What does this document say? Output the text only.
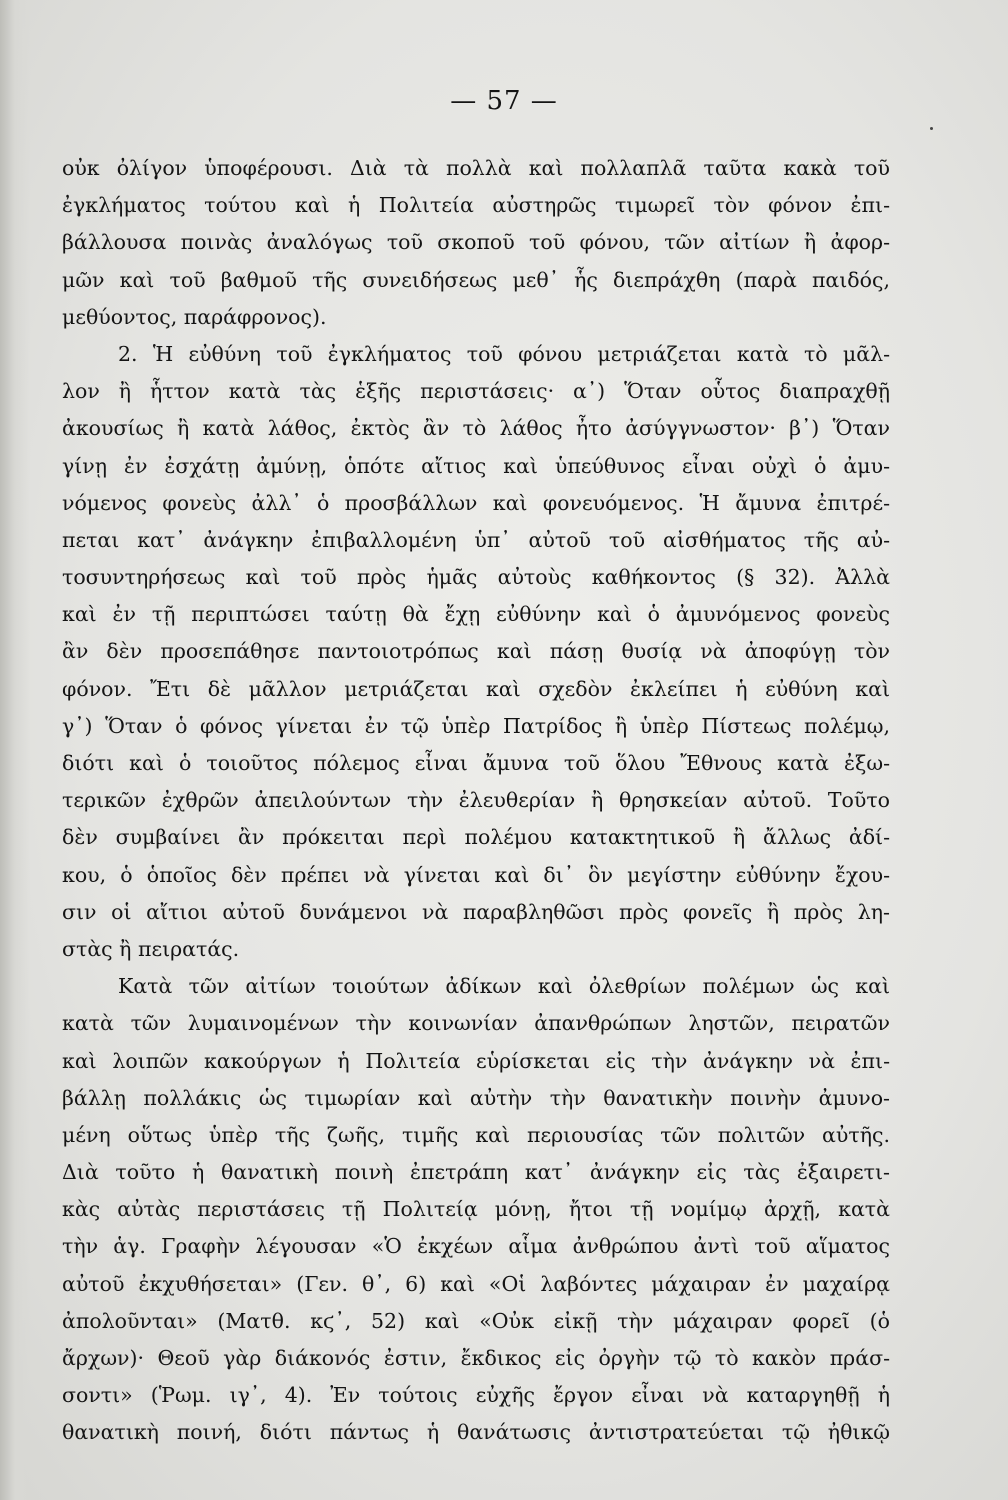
— 57 —
οὐκ ὀλίγον ὑποφέρουσι. Διὰ τὰ πολλὰ καὶ πολλαπλᾶ ταῦτα κακὰ τοῦ
ἐγκλήματος τούτου καὶ ἡ Πολιτεία αὐστηρῶς τιμωρεῖ τὸν φόνον ἐπι-
βάλλουσα ποινὰς ἀναλόγως τοῦ σκοποῦ τοῦ φόνου, τῶν αἰτίων ἢ ἀφορ-
μῶν καὶ τοῦ βαθμοῦ τῆς συνειδήσεως μεθ᾽ ἧς διεπράχθη (παρὰ παιδός,
μεθύοντος, παράφρονος).
2. Ἡ εὐθύνη τοῦ ἐγκλήματος τοῦ φόνου μετριάζεται κατὰ τὸ μᾶλ-
λον ἢ ἧττον κατὰ τὰς ἑξῆς περιστάσεις· α᾽) Ὅταν οὗτος διαπραχθῇ
ἀκουσίως ἢ κατὰ λάθος, ἐκτὸς ἂν τὸ λάθος ἦτο ἀσύγγνωστον· β᾽) Ὅταν
γίνῃ ἐν ἐσχάτῃ ἀμύνῃ, ὁπότε αἴτιος καὶ ὑπεύθυνος εἶναι οὐχὶ ὁ ἀμυ-
νόμενος φονεὺς ἀλλ᾽ ὁ προσβάλλων καὶ φονευόμενος. Ἡ ἄμυνα ἐπιτρέ-
πεται κατ᾽ ἀνάγκην ἐπιβαλλομένη ὑπ᾽ αὐτοῦ τοῦ αἰσθήματος τῆς αὐ-
τοσυντηρήσεως καὶ τοῦ πρὸς ἡμᾶς αὐτοὺς καθήκοντος (§ 32). Ἀλλὰ
καὶ ἐν τῇ περιπτώσει ταύτῃ θὰ ἔχῃ εὐθύνην καὶ ὁ ἀμυνόμενος φονεὺς
ἂν δὲν προσεπάθησε παντοιοτρόπως καὶ πάσῃ θυσίᾳ νὰ ἀποφύγῃ τὸν
φόνον. Ἔτι δὲ μᾶλλον μετριάζεται καὶ σχεδὸν ἐκλείπει ἡ εὐθύνη καὶ
γ᾽) Ὅταν ὁ φόνος γίνεται ἐν τῷ ὑπὲρ Πατρίδος ἢ ὑπὲρ Πίστεως πολέμῳ,
διότι καὶ ὁ τοιοῦτος πόλεμος εἶναι ἄμυνα τοῦ ὅλου Ἔθνους κατὰ ἐξω-
τερικῶν ἐχθρῶν ἀπειλούντων τὴν ἐλευθερίαν ἢ θρησκείαν αὐτοῦ. Τοῦτο
δὲν συμβαίνει ἂν πρόκειται περὶ πολέμου κατακτητικοῦ ἢ ἄλλως ἀδί-
κου, ὁ ὁποῖος δὲν πρέπει νὰ γίνεται καὶ δι᾽ ὃν μεγίστην εὐθύνην ἔχου-
σιν οἱ αἴτιοι αὐτοῦ δυνάμενοι νὰ παραβληθῶσι πρὸς φονεῖς ἢ πρὸς λη-
στὰς ἢ πειρατάς.
Κατὰ τῶν αἰτίων τοιούτων ἀδίκων καὶ ὀλεθρίων πολέμων ὡς καὶ
κατὰ τῶν λυμαινομένων τὴν κοινωνίαν ἀπανθρώπων ληστῶν, πειρατῶν
καὶ λοιπῶν κακούργων ἡ Πολιτεία εὑρίσκεται εἰς τὴν ἀνάγκην νὰ ἐπι-
βάλλῃ πολλάκις ὡς τιμωρίαν καὶ αὐτὴν τὴν θανατικὴν ποινὴν ἀμυνο-
μένη οὕτως ὑπὲρ τῆς ζωῆς, τιμῆς καὶ περιουσίας τῶν πολιτῶν αὐτῆς.
Διὰ τοῦτο ἡ θανατικὴ ποινὴ ἐπετράπη κατ᾽ ἀνάγκην εἰς τὰς ἐξαιρετι-
κὰς αὐτὰς περιστάσεις τῇ Πολιτείᾳ μόνῃ, ἤτοι τῇ νομίμῳ ἀρχῇ, κατὰ
τὴν ἁγ. Γραφὴν λέγουσαν «Ὁ ἐκχέων αἷμα ἀνθρώπου ἀντὶ τοῦ αἵματος
αὐτοῦ ἐκχυθήσεται» (Γεν. θ᾽, 6) καὶ «Οἱ λαβόντες μάχαιραν ἐν μαχαίρᾳ
ἀπολοῦνται» (Ματθ. κϛ᾽, 52) καὶ «Οὐκ εἰκῇ τὴν μάχαιραν φορεῖ (ὁ
ἄρχων)· Θεοῦ γὰρ διάκονός ἐστιν, ἔκδικος εἰς ὀργὴν τῷ τὸ κακὸν πράσ-
σοντι» (Ῥωμ. ιγ᾽, 4). Ἐν τούτοις εὐχῆς ἔργον εἶναι νὰ καταργηθῇ ἡ
θανατικὴ ποινή, διότι πάντως ἡ θανάτωσις ἀντιστρατεύεται τῷ ἠθικῷ
